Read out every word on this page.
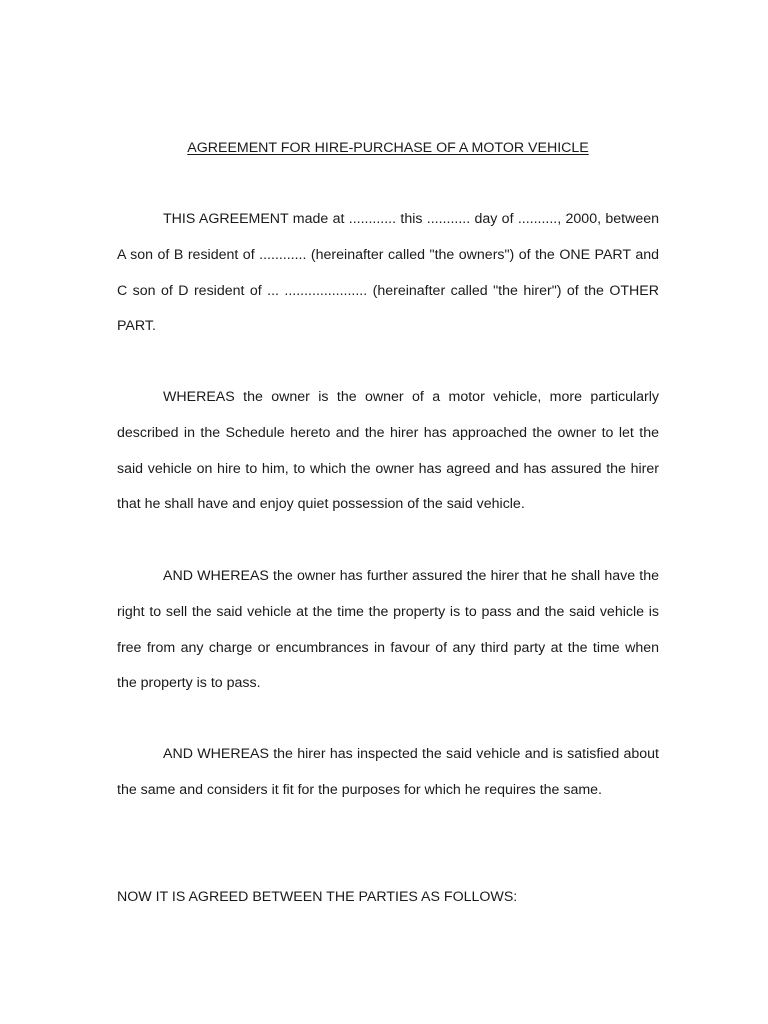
AGREEMENT FOR HIRE-PURCHASE OF A MOTOR VEHICLE

THIS AGREEMENT made at ............ this ........... day of .........., 2000, between A son of B resident of ............ (hereinafter called "the owners") of the ONE PART and C son of D resident of ... ..................... (hereinafter called "the hirer") of the OTHER PART.

WHEREAS the owner is the owner of a motor vehicle, more particularly described in the Schedule hereto and the hirer has approached the owner to let the said vehicle on hire to him, to which the owner has agreed and has assured the hirer that he shall have and enjoy quiet possession of the said vehicle.

AND WHEREAS the owner has further assured the hirer that he shall have the right to sell the said vehicle at the time the property is to pass and the said vehicle is free from any charge or encumbrances in favour of any third party at the time when the property is to pass.

AND WHEREAS the hirer has inspected the said vehicle and is satisfied about the same and considers it fit for the purposes for which he requires the same.

NOW IT IS AGREED BETWEEN THE PARTIES AS FOLLOWS:
